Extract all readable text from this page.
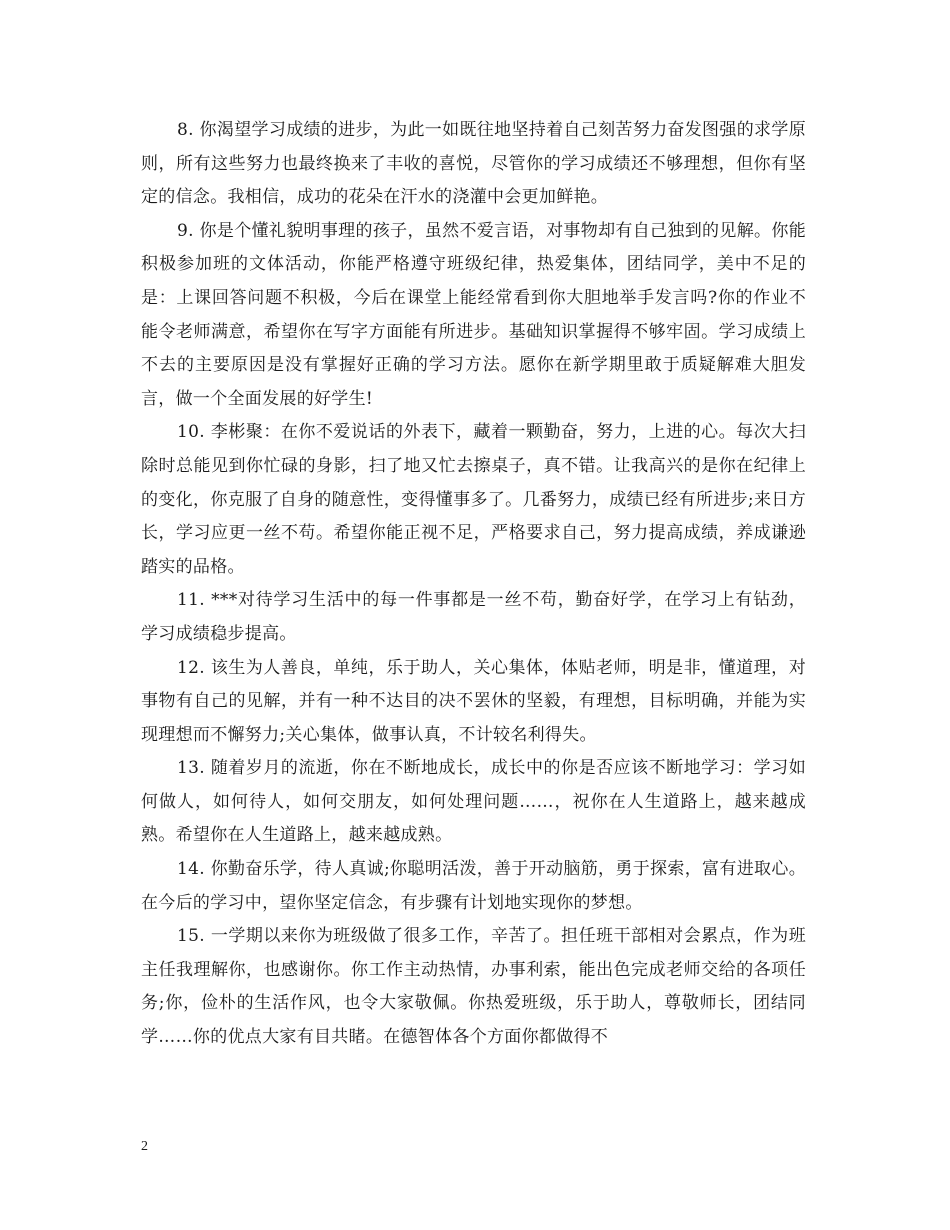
8. 你渴望学习成绩的进步，为此一如既往地坚持着自己刻苦努力奋发图强的求学原则，所有这些努力也最终换来了丰收的喜悦，尽管你的学习成绩还不够理想，但你有坚定的信念。我相信，成功的花朵在汗水的浇灌中会更加鲜艳。

9. 你是个懂礼貌明事理的孩子，虽然不爱言语，对事物却有自己独到的见解。你能积极参加班的文体活动，你能严格遵守班级纪律，热爱集体，团结同学，美中不足的是：上课回答问题不积极，今后在课堂上能经常看到你大胆地举手发言吗?你的作业不能令老师满意，希望你在写字方面能有所进步。基础知识掌握得不够牢固。学习成绩上不去的主要原因是没有掌握好正确的学习方法。愿你在新学期里敢于质疑解难大胆发言，做一个全面发展的好学生!

10. 李彬聚：在你不爱说话的外表下，藏着一颗勤奋，努力，上进的心。每次大扫除时总能见到你忙碌的身影，扫了地又忙去擦桌子，真不错。让我高兴的是你在纪律上的变化，你克服了自身的随意性，变得懂事多了。几番努力，成绩已经有所进步;来日方长，学习应更一丝不苟。希望你能正视不足，严格要求自己，努力提高成绩，养成谦逊踏实的品格。

11. ***对待学习生活中的每一件事都是一丝不苟，勤奋好学，在学习上有钻劲，学习成绩稳步提高。

12. 该生为人善良，单纯，乐于助人，关心集体，体贴老师，明是非，懂道理，对事物有自己的见解，并有一种不达目的决不罢休的坚毅，有理想，目标明确，并能为实现理想而不懈努力;关心集体，做事认真，不计较名利得失。

13. 随着岁月的流逝，你在不断地成长，成长中的你是否应该不断地学习：学习如何做人，如何待人，如何交朋友，如何处理问题……，祝你在人生道路上，越来越成熟。希望你在人生道路上，越来越成熟。

14. 你勤奋乐学，待人真诚;你聪明活泼，善于开动脑筋，勇于探索，富有进取心。在今后的学习中，望你坚定信念，有步骤有计划地实现你的梦想。

15. 一学期以来你为班级做了很多工作，辛苦了。担任班干部相对会累点，作为班主任我理解你，也感谢你。你工作主动热情，办事利索，能出色完成老师交给的各项任务;你，俭朴的生活作风，也令大家敬佩。你热爱班级，乐于助人，尊敬师长，团结同学……你的优点大家有目共睹。在德智体各个方面你都做得不

2
